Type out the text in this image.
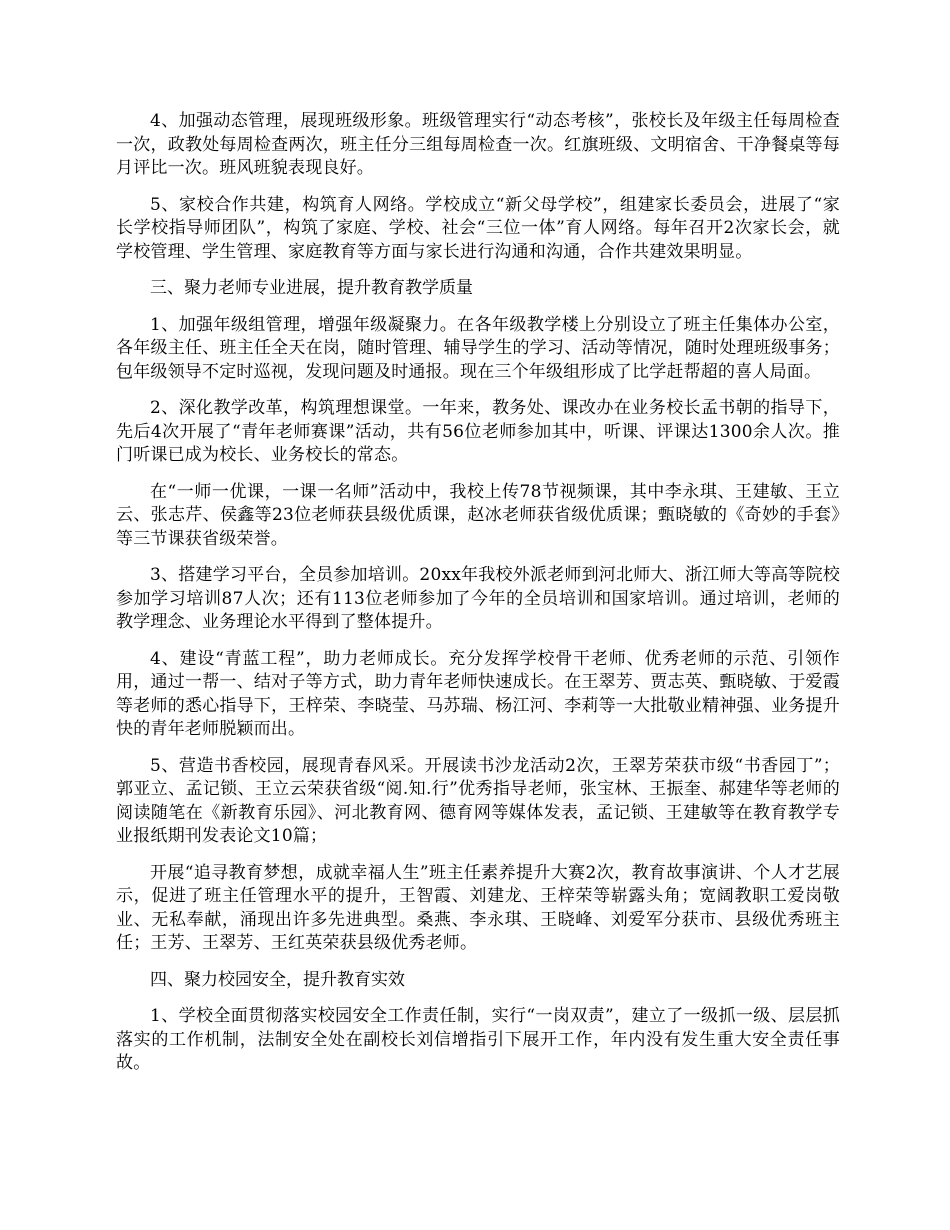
4、加强动态管理，展现班级形象。班级管理实行“动态考核”，张校长及年级主任每周检查一次，政教处每周检查两次，班主任分三组每周检查一次。红旗班级、文明宿舍、干净餐桌等每月评比一次。班风班貌表现良好。

5、家校合作共建，构筑育人网络。学校成立“新父母学校”，组建家长委员会，进展了“家长学校指导师团队”，构筑了家庭、学校、社会“三位一体”育人网络。每年召开2次家长会，就学校管理、学生管理、家庭教育等方面与家长进行沟通和沟通，合作共建效果明显。

三、聚力老师专业进展，提升教育教学质量

1、加强年级组管理，增强年级凝聚力。在各年级教学楼上分别设立了班主任集体办公室，各年级主任、班主任全天在岗，随时管理、辅导学生的学习、活动等情况，随时处理班级事务；包年级领导不定时巡视，发现问题及时通报。现在三个年级组形成了比学赶帮超的喜人局面。

2、深化教学改革，构筑理想课堂。一年来，教务处、课改办在业务校长孟书朝的指导下，先后4次开展了“青年老师赛课”活动，共有56位老师参加其中，听课、评课达1300余人次。推门听课已成为校长、业务校长的常态。

在“一师一优课，一课一名师”活动中，我校上传78节视频课，其中李永琪、王建敏、王立云、张志芹、侯鑫等23位老师获县级优质课，赵冰老师获省级优质课；甄晓敏的《奇妙的手套》等三节课获省级荣誉。

3、搭建学习平台，全员参加培训。20xx年我校外派老师到河北师大、浙江师大等高等院校参加学习培训87人次；还有113位老师参加了今年的全员培训和国家培训。通过培训，老师的教学理念、业务理论水平得到了整体提升。

4、建设“青蓝工程”，助力老师成长。充分发挥学校骨干老师、优秀老师的示范、引领作用，通过一帮一、结对子等方式，助力青年老师快速成长。在王翠芳、贾志英、甄晓敏、于爱霞等老师的悉心指导下，王梓荣、李晓莹、马苏瑞、杨江河、李莉等一大批敬业精神强、业务提升快的青年老师脱颖而出。

5、营造书香校园，展现青春风采。开展读书沙龙活动2次，王翠芳荣获市级“书香园丁”；郭亚立、孟记锁、王立云荣获省级“阅.知.行”优秀指导老师，张宝林、王振奎、郝建华等老师的阅读随笔在《新教育乐园》、河北教育网、德育网等媒体发表，孟记锁、王建敏等在教育教学专业报纸期刊发表论文10篇；

开展“追寻教育梦想，成就幸福人生”班主任素养提升大赛2次，教育故事演讲、个人才艺展示，促进了班主任管理水平的提升，王智霞、刘建龙、王梓荣等崭露头角；宽阔教职工爱岗敬业、无私奉献，涌现出许多先进典型。桑燕、李永琪、王晓峰、刘爱军分获市、县级优秀班主任；王芳、王翠芳、王红英荣获县级优秀老师。

四、聚力校园安全，提升教育实效

1、学校全面贯彻落实校园安全工作责任制，实行“一岗双责”，建立了一级抓一级、层层抓落实的工作机制，法制安全处在副校长刘信增指引下展开工作，年内没有发生重大安全责任事故。
